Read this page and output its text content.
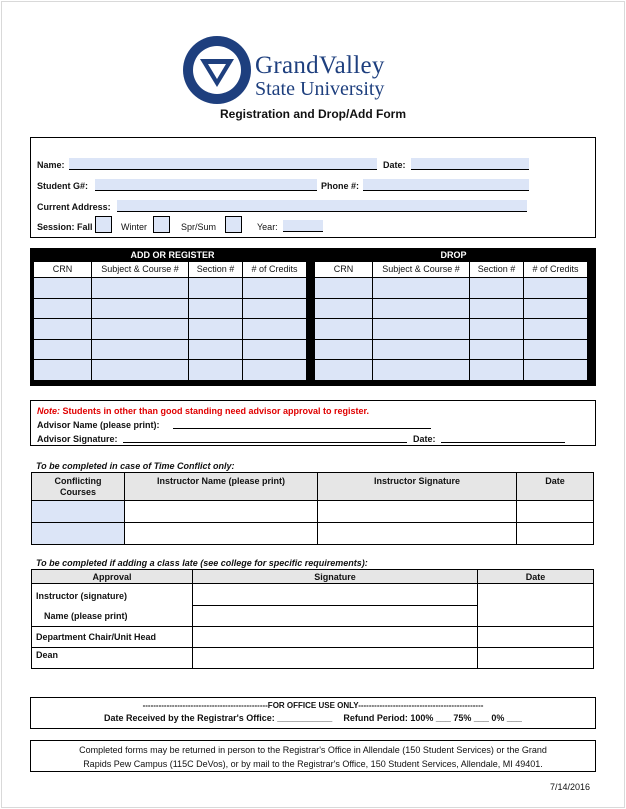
GrandValley
State University
Registration and Drop/Add Form
Name:	Date:
Student G#:	Phone #:
Current Address:
Session: Fall	Winter	Spr/Sum	Year:
ADD OR REGISTER	DROP
CRN	Subject & Course #	Section #	# of Credits	CRN	Subject & Course #	Section #	# of Credits
Note: Students in other than good standing need advisor approval to register.
Advisor Name (please print):
Advisor Signature:	Date:
To be completed in case of Time Conflict only:
Conflicting Courses	Instructor Name (please print)	Instructor Signature	Date

To be completed if adding a class late (see college for specific requirements):
Approval	Signature	Date

Instructor (signature)
Name (please print)		

Department Chair/Unit Head		
Dean		
-----------------------------------------------FOR OFFICE USE ONLY-----------------------------------------------
Date Received by the Registrar's Office: ___________ Refund Period: 100% ___ 75% ___ 0% ___
Completed forms may be returned in person to the Registrar's Office in Allendale (150 Student Services) or the Grand
Rapids Pew Campus (115C DeVos), or by mail to the Registrar's Office, 150 Student Services, Allendale, MI 49401.
7/14/2016
